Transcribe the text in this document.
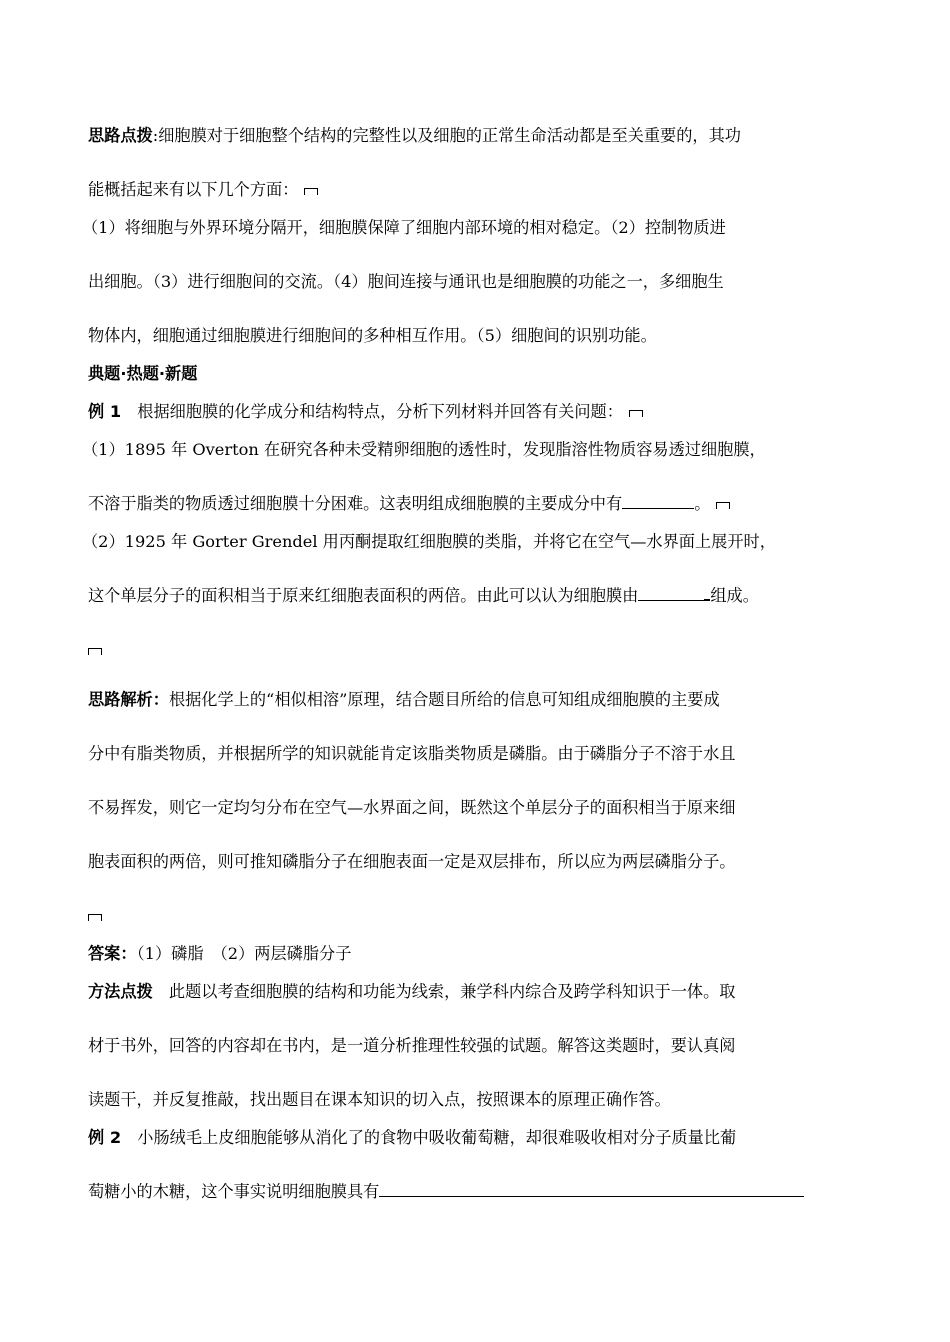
思路点拨:细胞膜对于细胞整个结构的完整性以及细胞的正常生命活动都是至关重要的，其功
能概括起来有以下几个方面：
（1）将细胞与外界环境分隔开，细胞膜保障了细胞内部环境的相对稳定。（2）控制物质进
出细胞。（3）进行细胞间的交流。（4）胞间连接与通讯也是细胞膜的功能之一，多细胞生
物体内，细胞通过细胞膜进行细胞间的多种相互作用。（5）细胞间的识别功能。
典题·热题·新题
例 1　 根据细胞膜的化学成分和结构特点，分析下列材料并回答有关问题：
（1）1895 年 Overton 在研究各种未受精卵细胞的透性时，发现脂溶性物质容易透过细胞膜，
不溶于脂类的物质透过细胞膜十分困难。这表明组成细胞膜的主要成分中有	。
（2）1925 年 Gorter Grendel 用丙酮提取红细胞膜的类脂，并将它在空气—水界面上展开时，
这个单层分子的面积相当于原来红细胞表面积的两倍。由此可以认为细胞膜由	组成。
思路解析：根据化学上的“相似相溶”原理，结合题目所给的信息可知组成细胞膜的主要成
分中有脂类物质，并根据所学的知识就能肯定该脂类物质是磷脂。由于磷脂分子不溶于水且
不易挥发，则它一定均匀分布在空气—水界面之间，既然这个单层分子的面积相当于原来细
胞表面积的两倍，则可推知磷脂分子在细胞表面一定是双层排布，所以应为两层磷脂分子。
答案：（1）磷脂　（2）两层磷脂分子
方法点拨　此题以考查细胞膜的结构和功能为线索，兼学科内综合及跨学科知识于一体。取
材于书外，回答的内容却在书内，是一道分析推理性较强的试题。解答这类题时，要认真阅
读题干，并反复推敲，找出题目在课本知识的切入点，按照课本的原理正确作答。
例 2　小肠绒毛上皮细胞能够从消化了的食物中吸收葡萄糖，却很难吸收相对分子质量比葡
萄糖小的木糖，这个事实说明细胞膜具有
